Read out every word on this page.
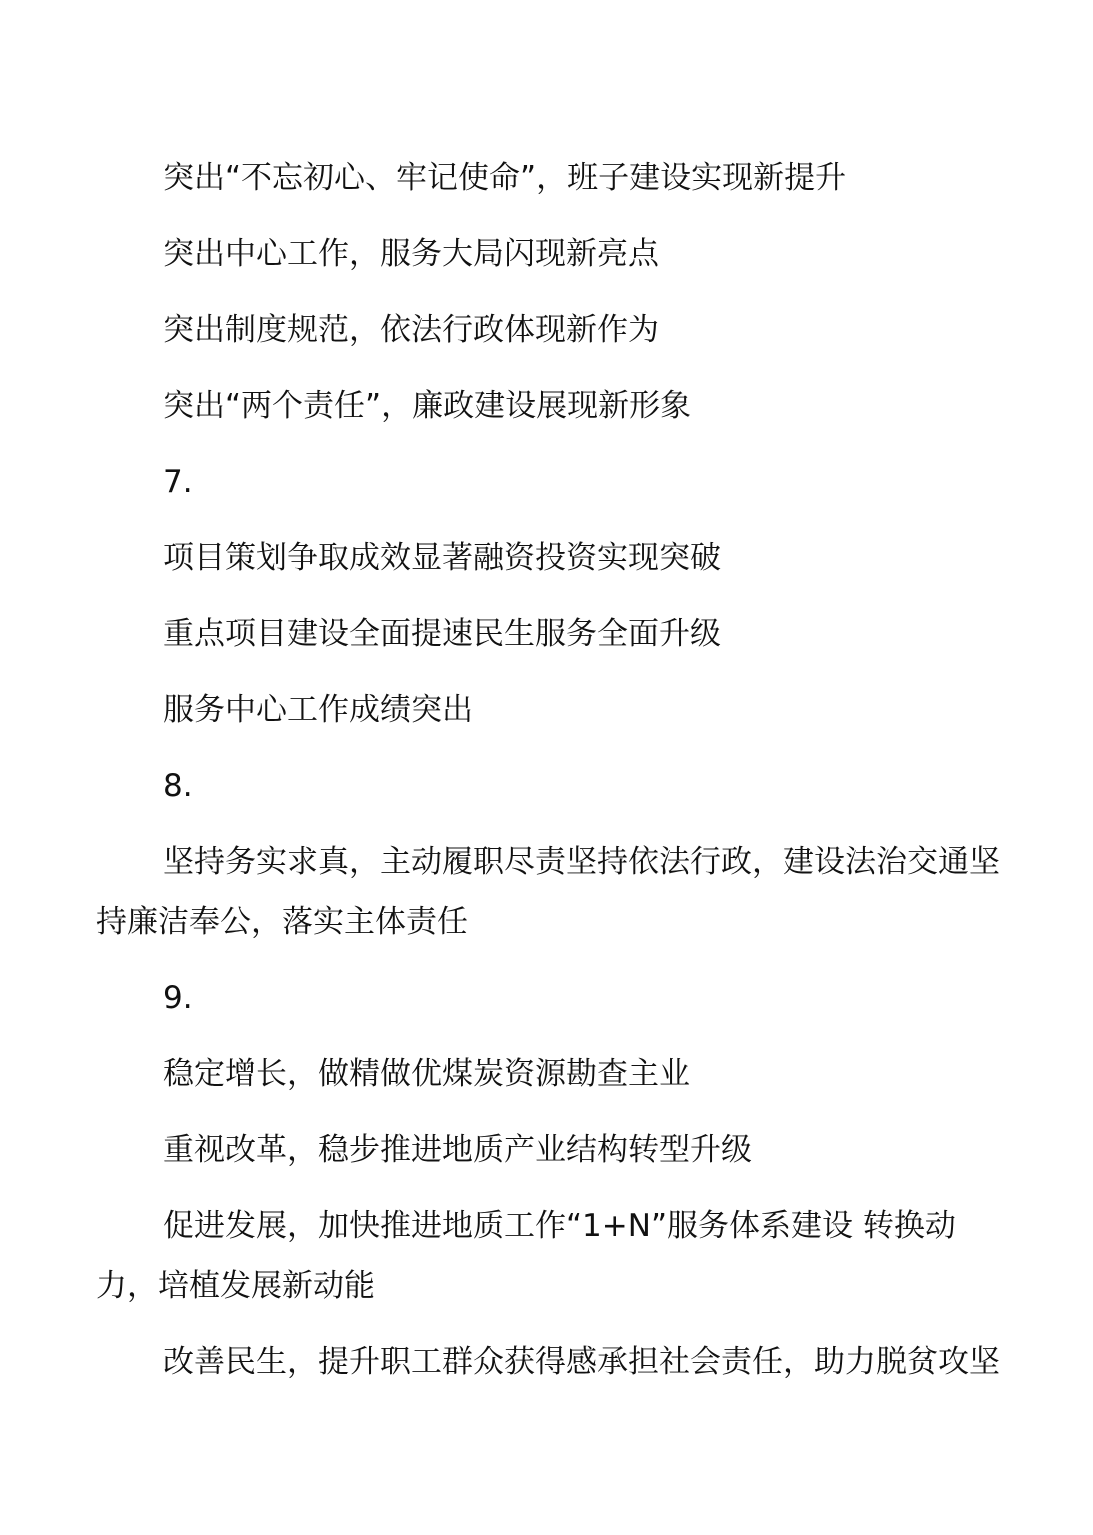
突出“不忘初心、牢记使命”，班子建设实现新提升

突出中心工作，服务大局闪现新亮点

突出制度规范，依法行政体现新作为

突出“两个责任”，廉政建设展现新形象

7.

项目策划争取成效显著融资投资实现突破

重点项目建设全面提速民生服务全面升级

服务中心工作成绩突出

8.

坚持务实求真，主动履职尽责坚持依法行政，建设法治交通坚持廉洁奉公，落实主体责任

9.

稳定增长，做精做优煤炭资源勘查主业

重视改革，稳步推进地质产业结构转型升级

促进发展，加快推进地质工作“1+N”服务体系建设 转换动力，培植发展新动能

改善民生，提升职工群众获得感承担社会责任，助力脱贫攻坚
